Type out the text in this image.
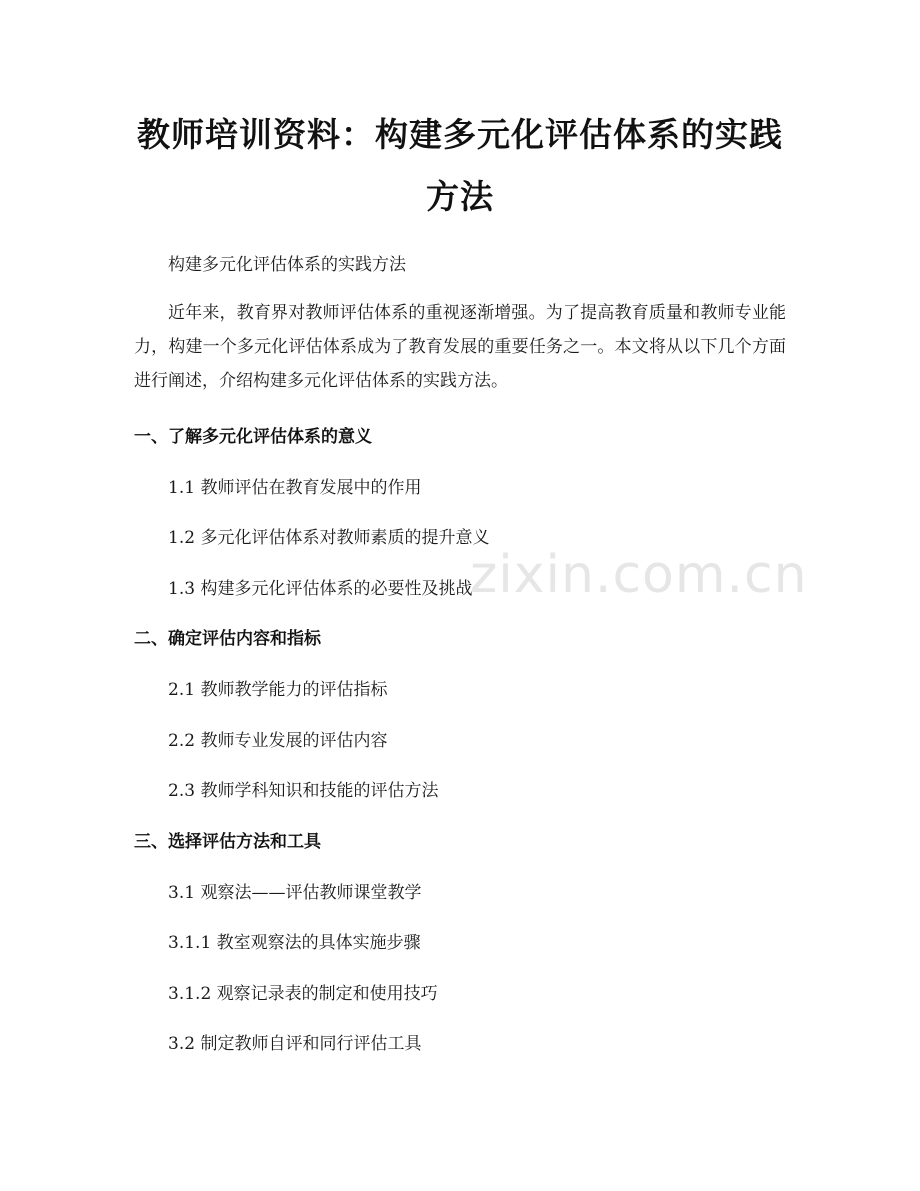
教师培训资料：构建多元化评估体系的实践方法
构建多元化评估体系的实践方法
近年来，教育界对教师评估体系的重视逐渐增强。为了提高教育质量和教师专业能力，构建一个多元化评估体系成为了教育发展的重要任务之一。本文将从以下几个方面进行阐述，介绍构建多元化评估体系的实践方法。
一、了解多元化评估体系的意义
1.1 教师评估在教育发展中的作用
1.2 多元化评估体系对教师素质的提升意义
1.3 构建多元化评估体系的必要性及挑战
二、确定评估内容和指标
2.1 教师教学能力的评估指标
2.2 教师专业发展的评估内容
2.3 教师学科知识和技能的评估方法
三、选择评估方法和工具
3.1 观察法——评估教师课堂教学
3.1.1 教室观察法的具体实施步骤
3.1.2 观察记录表的制定和使用技巧
3.2 制定教师自评和同行评估工具
zixin.com.cn
